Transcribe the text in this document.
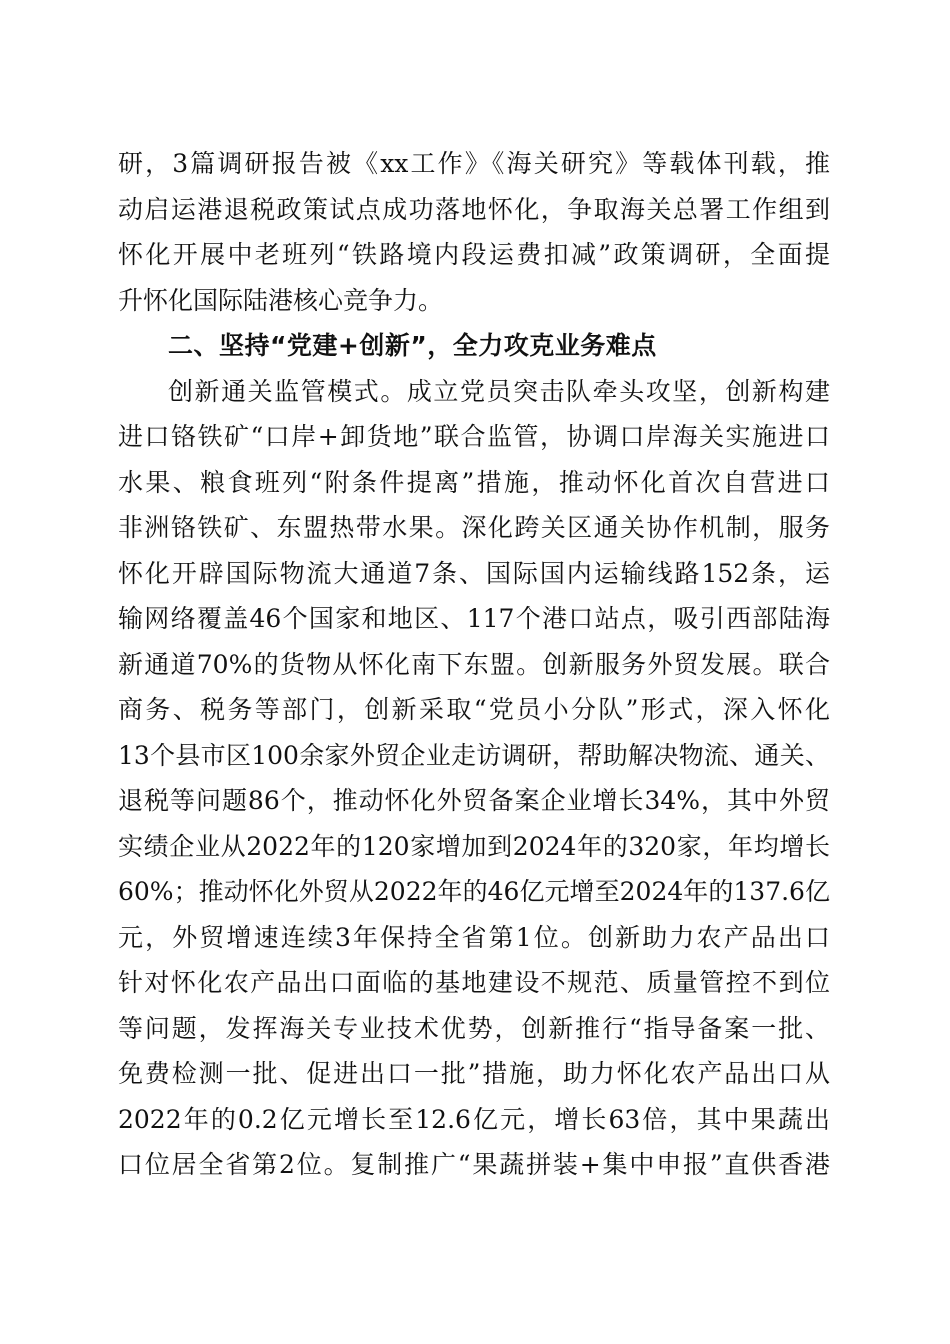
研，3篇调研报告被《xx工作》《海关研究》等载体刊载，推
动启运港退税政策试点成功落地怀化，争取海关总署工作组到
怀化开展中老班列“铁路境内段运费扣减”政策调研，全面提
升怀化国际陆港核心竞争力。
二、坚持“党建+创新”，全力攻克业务难点
创新通关监管模式。成立党员突击队牵头攻坚，创新构建
进口铬铁矿“口岸+卸货地”联合监管，协调口岸海关实施进口
水果、粮食班列“附条件提离”措施，推动怀化首次自营进口
非洲铬铁矿、东盟热带水果。深化跨关区通关协作机制，服务
怀化开辟国际物流大通道7条、国际国内运输线路152条，运
输网络覆盖46个国家和地区、117个港口站点，吸引西部陆海
新通道70%的货物从怀化南下东盟。创新服务外贸发展。联合
商务、税务等部门，创新采取“党员小分队”形式，深入怀化
13个县市区100余家外贸企业走访调研，帮助解决物流、通关、
退税等问题86个，推动怀化外贸备案企业增长34%，其中外贸
实绩企业从2022年的120家增加到2024年的320家，年均增长
60%；推动怀化外贸从2022年的46亿元增至2024年的137.6亿
元，外贸增速连续3年保持全省第1位。创新助力农产品出口
针对怀化农产品出口面临的基地建设不规范、质量管控不到位
等问题，发挥海关专业技术优势，创新推行“指导备案一批、
免费检测一批、促进出口一批”措施，助力怀化农产品出口从
2022年的0.2亿元增长至12.6亿元，增长63倍，其中果蔬出
口位居全省第2位。复制推广“果蔬拼装+集中申报”直供香港
